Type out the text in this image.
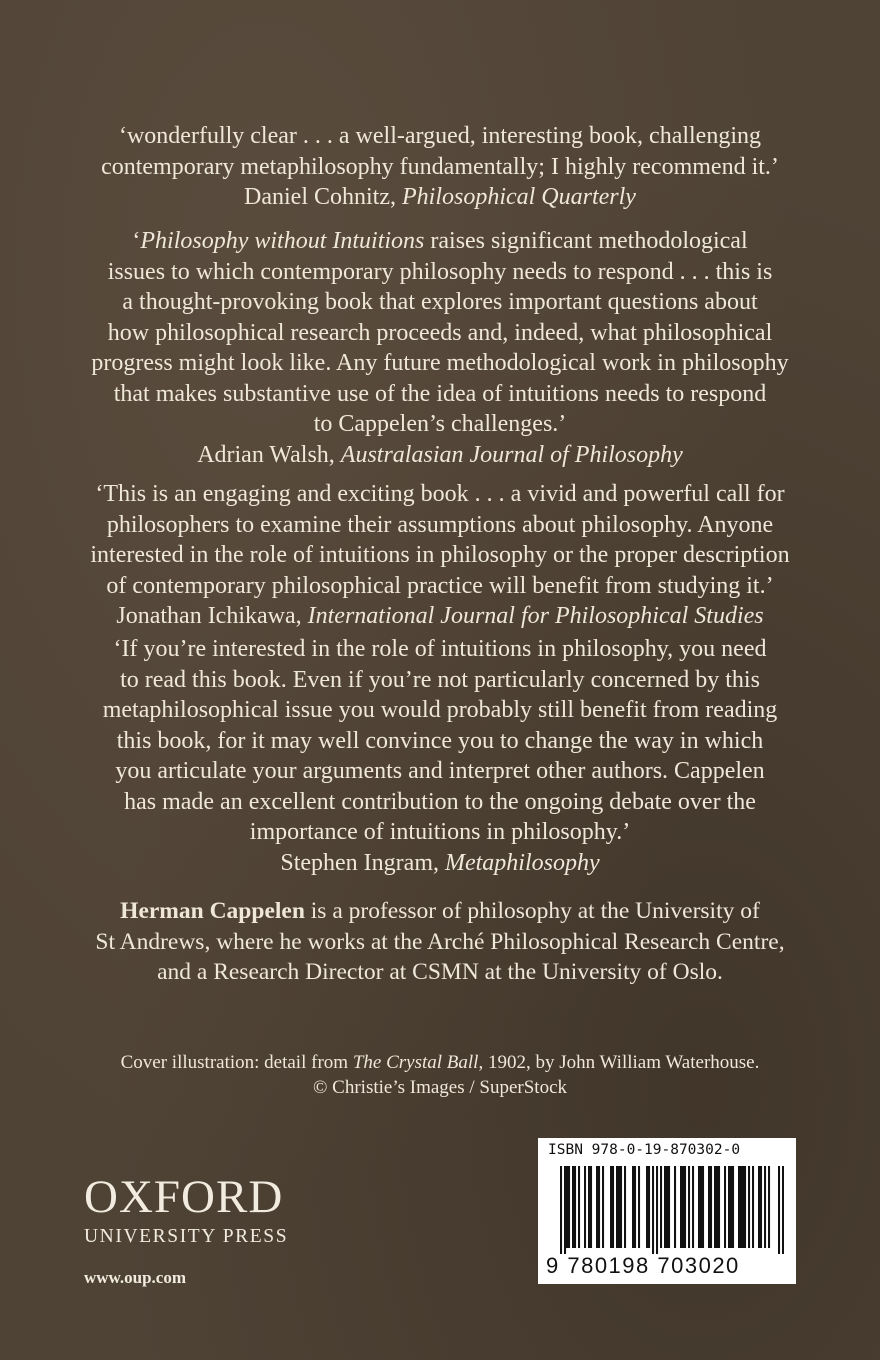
‘wonderfully clear . . . a well-argued, interesting book, challenging

contemporary metaphilosophy fundamentally; I highly recommend it.’

Daniel Cohnitz, Philosophical Quarterly

‘Philosophy without Intuitions raises significant methodological

issues to which contemporary philosophy needs to respond . . . this is

a thought-provoking book that explores important questions about

how philosophical research proceeds and, indeed, what philosophical

progress might look like. Any future methodological work in philosophy

that makes substantive use of the idea of intuitions needs to respond

to Cappelen’s challenges.’

Adrian Walsh, Australasian Journal of Philosophy

‘This is an engaging and exciting book . . . a vivid and powerful call for

philosophers to examine their assumptions about philosophy. Anyone

interested in the role of intuitions in philosophy or the proper description

of contemporary philosophical practice will benefit from studying it.’

Jonathan Ichikawa, International Journal for Philosophical Studies

‘If you’re interested in the role of intuitions in philosophy, you need

to read this book. Even if you’re not particularly concerned by this

metaphilosophical issue you would probably still benefit from reading

this book, for it may well convince you to change the way in which

you articulate your arguments and interpret other authors. Cappelen

has made an excellent contribution to the ongoing debate over the

importance of intuitions in philosophy.’

Stephen Ingram, Metaphilosophy

Herman Cappelen is a professor of philosophy at the University of
St Andrews, where he works at the Arché Philosophical Research Centre,
and a Research Director at CSMN at the University of Oslo.
Cover illustration: detail from The Crystal Ball, 1902, by John William Waterhouse.
© Christie’s Images / SuperStock
OXFORD
UNIVERSITY PRESS
www.oup.com
ISBN 978-0-19-870302-0
9 780198 703020
